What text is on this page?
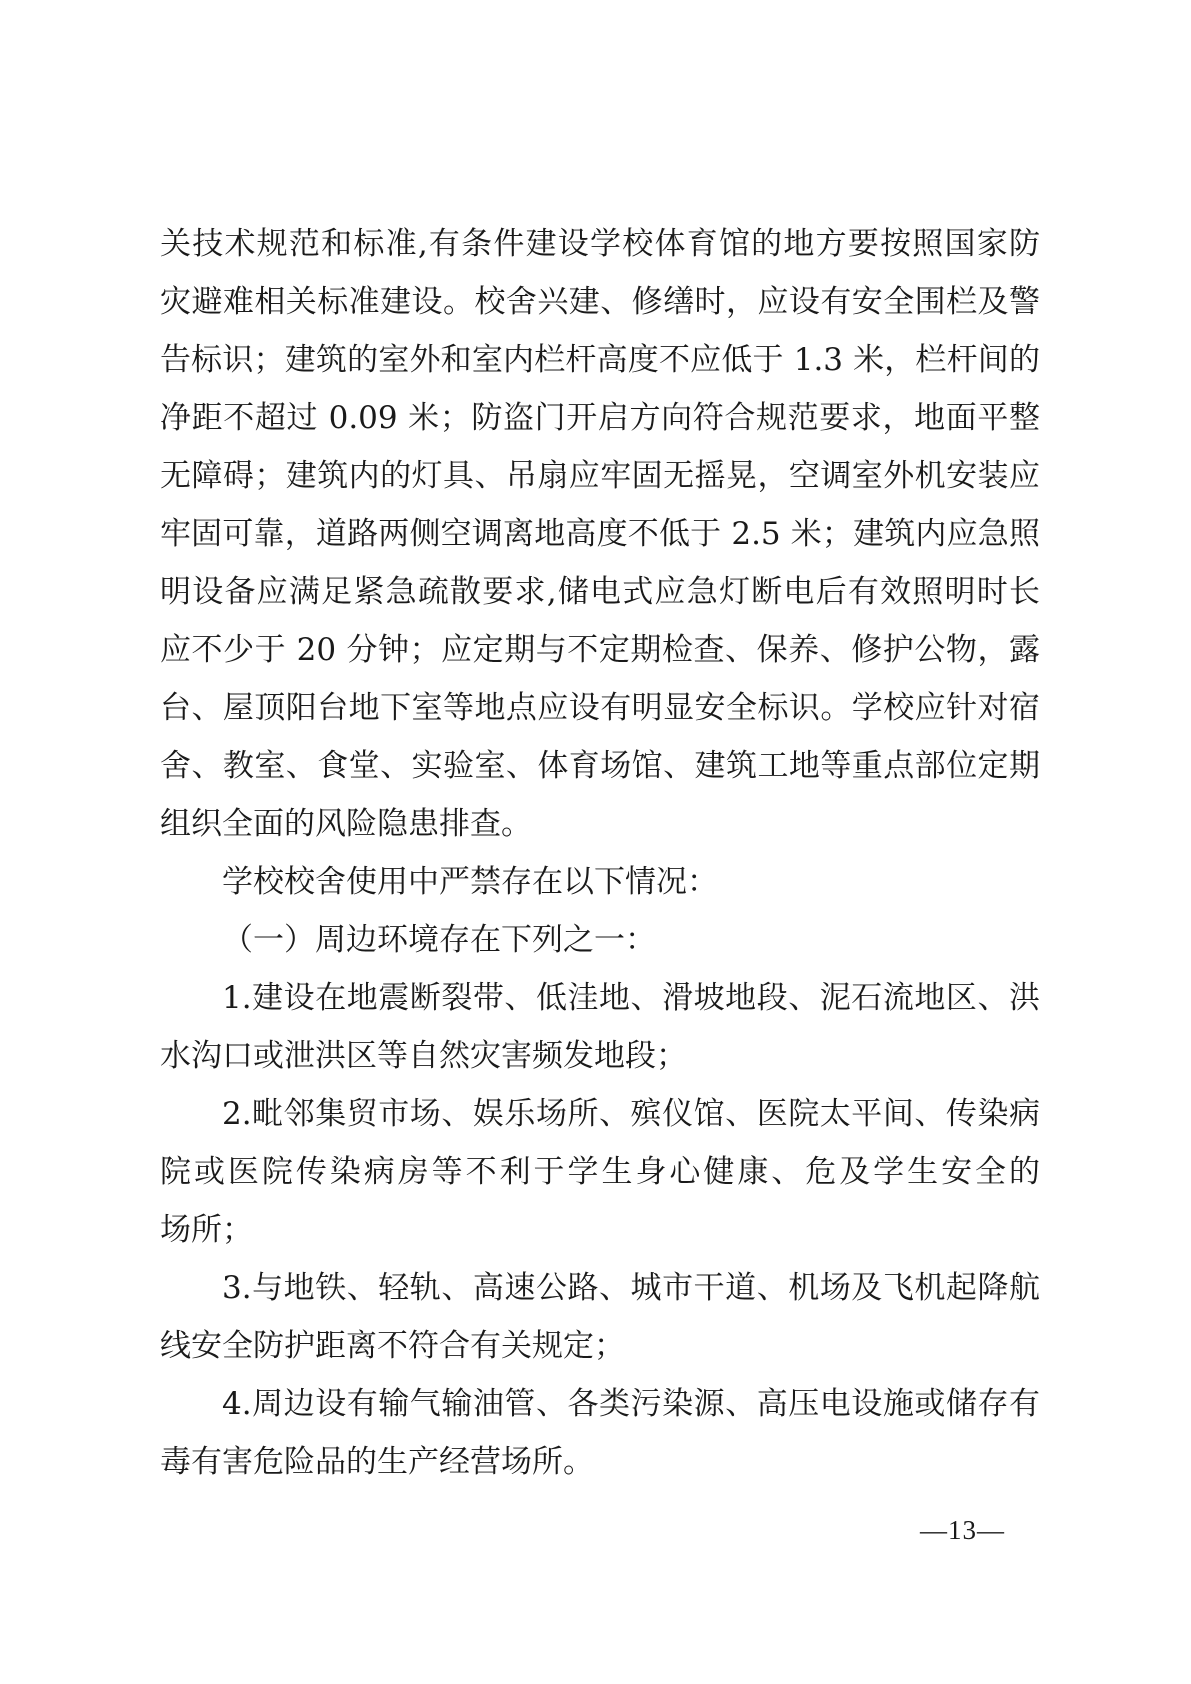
关技术规范和标准,有条件建设学校体育馆的地方要按照国家防
灾避难相关标准建设。校舍兴建、修缮时，应设有安全围栏及警
告标识；建筑的室外和室内栏杆高度不应低于 1.3 米，栏杆间的
净距不超过 0.09 米；防盗门开启方向符合规范要求，地面平整
无障碍；建筑内的灯具、吊扇应牢固无摇晃，空调室外机安装应
牢固可靠，道路两侧空调离地高度不低于 2.5 米；建筑内应急照
明设备应满足紧急疏散要求,储电式应急灯断电后有效照明时长
应不少于 20 分钟；应定期与不定期检查、保养、修护公物，露
台、屋顶阳台地下室等地点应设有明显安全标识。学校应针对宿
舍、教室、食堂、实验室、体育场馆、建筑工地等重点部位定期
组织全面的风险隐患排查。
学校校舍使用中严禁存在以下情况：
（一）周边环境存在下列之一：
1.建设在地震断裂带、低洼地、滑坡地段、泥石流地区、洪
水沟口或泄洪区等自然灾害频发地段；
2.毗邻集贸市场、娱乐场所、殡仪馆、医院太平间、传染病
院或医院传染病房等不利于学生身心健康、危及学生安全的
场所；
3.与地铁、轻轨、高速公路、城市干道、机场及飞机起降航
线安全防护距离不符合有关规定；
4.周边设有输气输油管、各类污染源、高压电设施或储存有
毒有害危险品的生产经营场所。
—13—
